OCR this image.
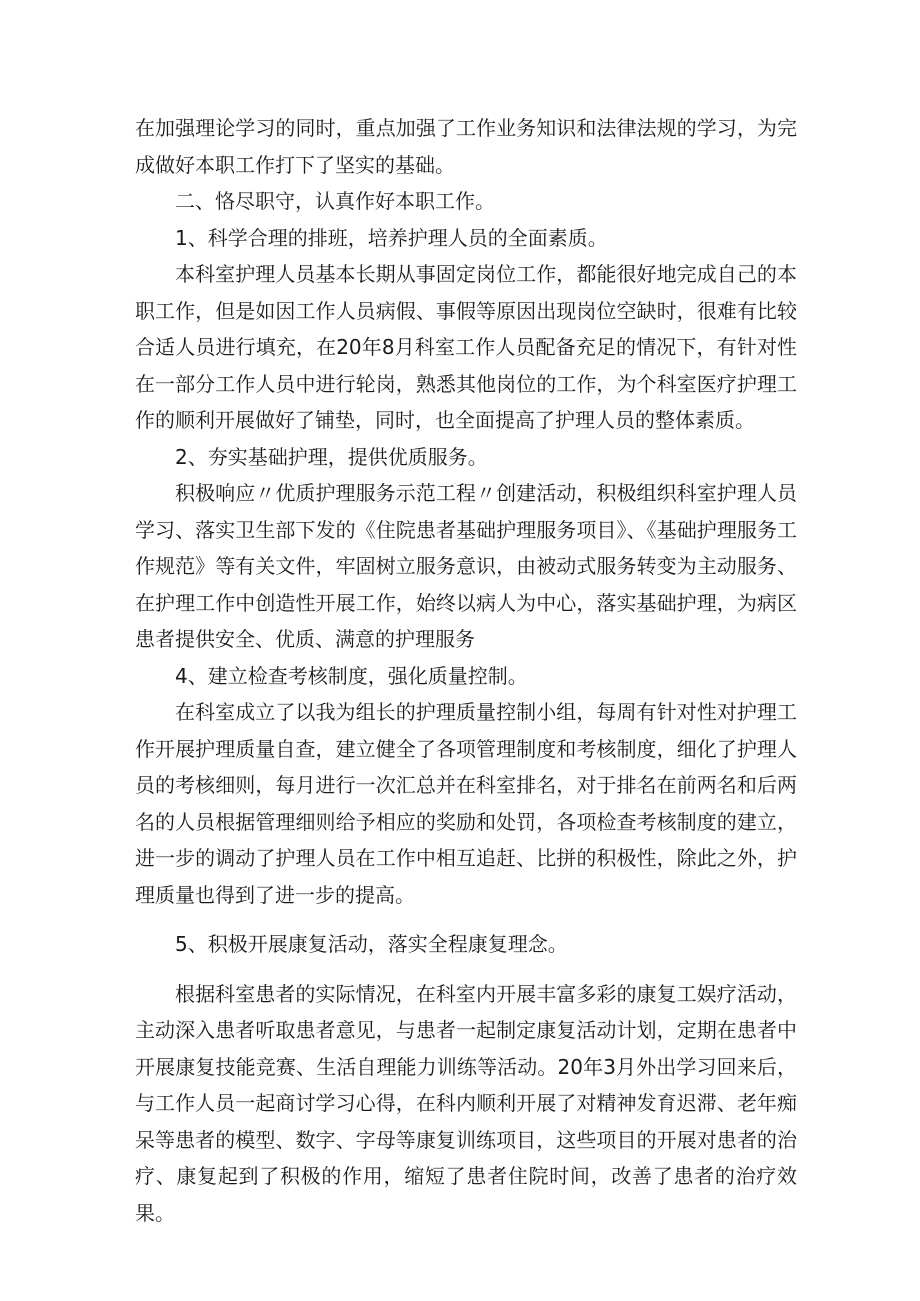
在加强理论学习的同时，重点加强了工作业务知识和法律法规的学习，为完成做好本职工作打下了坚实的基础。

二、恪尽职守，认真作好本职工作。

1、科学合理的排班，培养护理人员的全面素质。

本科室护理人员基本长期从事固定岗位工作，都能很好地完成自己的本职工作，但是如因工作人员病假、事假等原因出现岗位空缺时，很难有比较合适人员进行填充，在20年8月科室工作人员配备充足的情况下，有针对性在一部分工作人员中进行轮岗，熟悉其他岗位的工作，为个科室医疗护理工作的顺利开展做好了铺垫，同时，也全面提高了护理人员的整体素质。

2、夯实基础护理，提供优质服务。

积极响应〃优质护理服务示范工程〃创建活动，积极组织科室护理人员学习、落实卫生部下发的《住院患者基础护理服务项目》、《基础护理服务工作规范》等有关文件，牢固树立服务意识，由被动式服务转变为主动服务、在护理工作中创造性开展工作，始终以病人为中心，落实基础护理，为病区患者提供安全、优质、满意的护理服务

4、建立检查考核制度，强化质量控制。

在科室成立了以我为组长的护理质量控制小组，每周有针对性对护理工作开展护理质量自查，建立健全了各项管理制度和考核制度，细化了护理人员的考核细则，每月进行一次汇总并在科室排名，对于排名在前两名和后两名的人员根据管理细则给予相应的奖励和处罚，各项检查考核制度的建立，进一步的调动了护理人员在工作中相互追赶、比拼的积极性，除此之外，护理质量也得到了进一步的提高。

5、积极开展康复活动，落实全程康复理念。

根据科室患者的实际情况，在科室内开展丰富多彩的康复工娱疗活动，主动深入患者听取患者意见，与患者一起制定康复活动计划，定期在患者中开展康复技能竞赛、生活自理能力训练等活动。20年3月外出学习回来后，与工作人员一起商讨学习心得，在科内顺利开展了对精神发育迟滞、老年痴呆等患者的模型、数字、字母等康复训练项目，这些项目的开展对患者的治疗、康复起到了积极的作用，缩短了患者住院时间，改善了患者的治疗效果。
